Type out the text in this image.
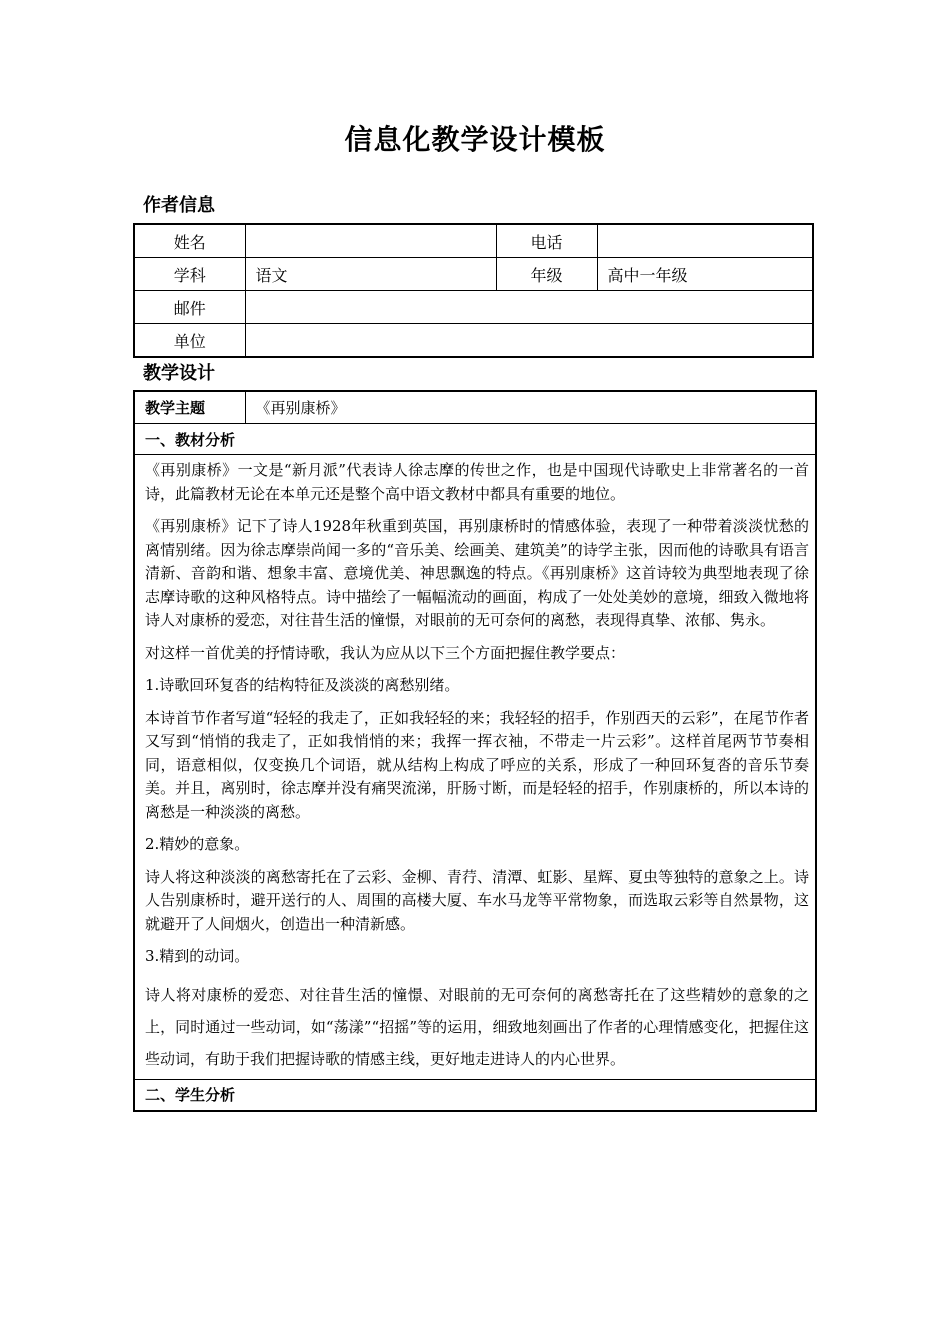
信息化教学设计模板
作者信息
姓名		电话	
学科	语文	年级	高中一年级
邮件			
单位			
教学设计
教学主题	《再别康桥》
一、教材分析

《再别康桥》一文是“新月派”代表诗人徐志摩的传世之作，也是中国现代诗歌史上非常著名的一首诗，此篇教材无论在本单元还是整个高中语文教材中都具有重要的地位。

《再别康桥》记下了诗人1928年秋重到英国，再别康桥时的情感体验，表现了一种带着淡淡忧愁的离情别绪。因为徐志摩崇尚闻一多的“音乐美、绘画美、建筑美”的诗学主张，因而他的诗歌具有语言清新、音韵和谐、想象丰富、意境优美、神思飘逸的特点。《再别康桥》这首诗较为典型地表现了徐志摩诗歌的这种风格特点。诗中描绘了一幅幅流动的画面，构成了一处处美妙的意境，细致入微地将诗人对康桥的爱恋，对往昔生活的憧憬，对眼前的无可奈何的离愁，表现得真挚、浓郁、隽永。

对这样一首优美的抒情诗歌，我认为应从以下三个方面把握住教学要点：

1.诗歌回环复沓的结构特征及淡淡的离愁别绪。

本诗首节作者写道“轻轻的我走了，正如我轻轻的来；我轻轻的招手，作别西天的云彩”，在尾节作者又写到“悄悄的我走了，正如我悄悄的来；我挥一挥衣袖，不带走一片云彩”。这样首尾两节节奏相同，语意相似，仅变换几个词语，就从结构上构成了呼应的关系，形成了一种回环复沓的音乐节奏美。并且，离别时，徐志摩并没有痛哭流涕，肝肠寸断，而是轻轻的招手，作别康桥的，所以本诗的离愁是一种淡淡的离愁。

2.精妙的意象。

诗人将这种淡淡的离愁寄托在了云彩、金柳、青荇、清潭、虹影、星辉、夏虫等独特的意象之上。诗人告别康桥时，避开送行的人、周围的高楼大厦、车水马龙等平常物象，而选取云彩等自然景物，这就避开了人间烟火，创造出一种清新感。

3.精到的动词。

诗人将对康桥的爱恋、对往昔生活的憧憬、对眼前的无可奈何的离愁寄托在了这些精妙的意象的之上，同时通过一些动词，如“荡漾”“招摇”等的运用，细致地刻画出了作者的心理情感变化，把握住这些动词，有助于我们把握诗歌的情感主线，更好地走进诗人的内心世界。

二、学生分析
